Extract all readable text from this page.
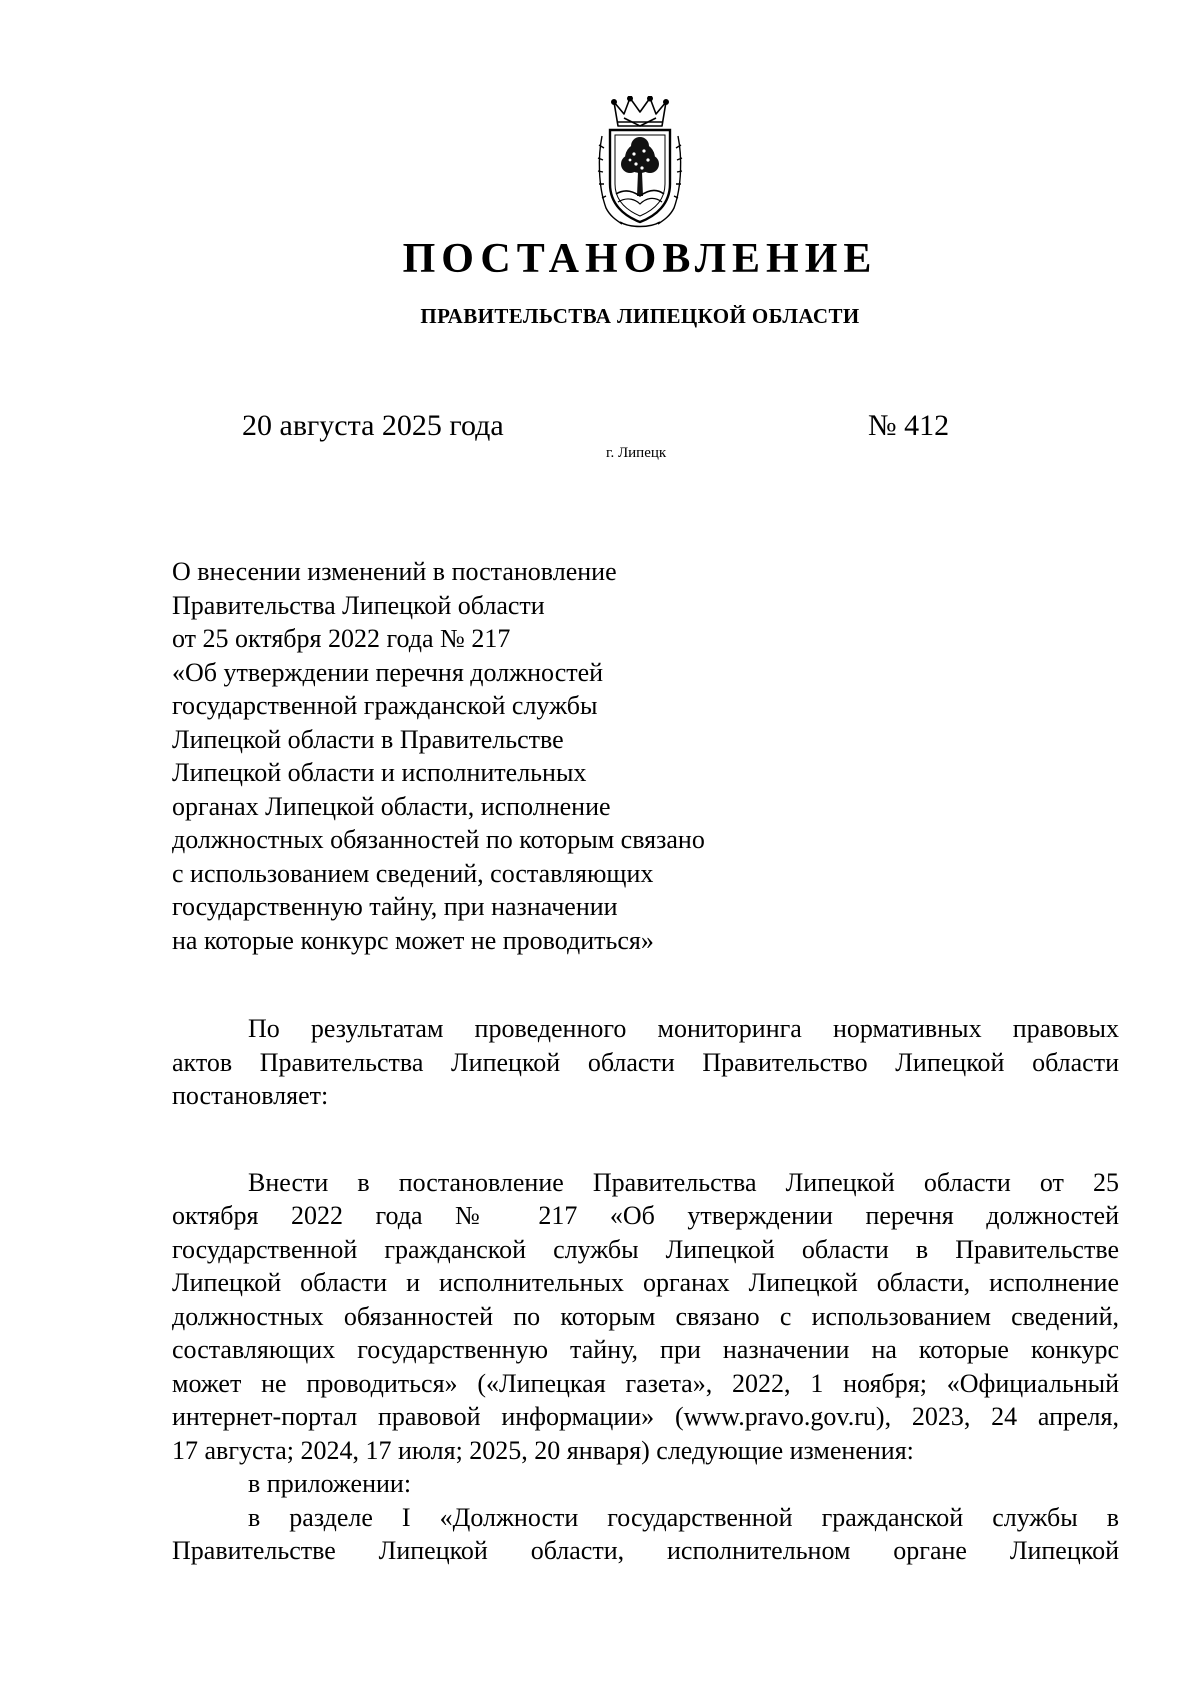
ПОСТАНОВЛЕНИЕ
ПРАВИТЕЛЬСТВА ЛИПЕЦКОЙ ОБЛАСТИ
20 августа 2025 года
г. Липецк
№ 412
О внесении изменений в постановление
Правительства Липецкой области
от 25 октября 2022 года № 217
«Об утверждении перечня должностей
государственной гражданской службы
Липецкой области в Правительстве
Липецкой области и исполнительных
органах Липецкой области, исполнение
должностных обязанностей по которым связано
с использованием сведений, составляющих
государственную тайну, при назначении
на которые конкурс может не проводиться»
По результатам проведенного мониторинга нормативных правовых
актов Правительства Липецкой области Правительство Липецкой области
постановляет:
Внести в постановление Правительства Липецкой области от 25
октября 2022 года № 217 «Об утверждении перечня должностей
государственной гражданской службы Липецкой области в Правительстве
Липецкой области и исполнительных органах Липецкой области, исполнение
должностных обязанностей по которым связано с использованием сведений,
составляющих государственную тайну, при назначении на которые конкурс
может не проводиться» («Липецкая газета», 2022, 1 ноября; «Официальный
интернет-портал правовой информации» (www.pravo.gov.ru), 2023, 24 апреля,
17 августа; 2024, 17 июля; 2025, 20 января) следующие изменения:
в приложении:
в разделе I «Должности государственной гражданской службы в
Правительстве Липецкой области, исполнительном органе Липецкой
